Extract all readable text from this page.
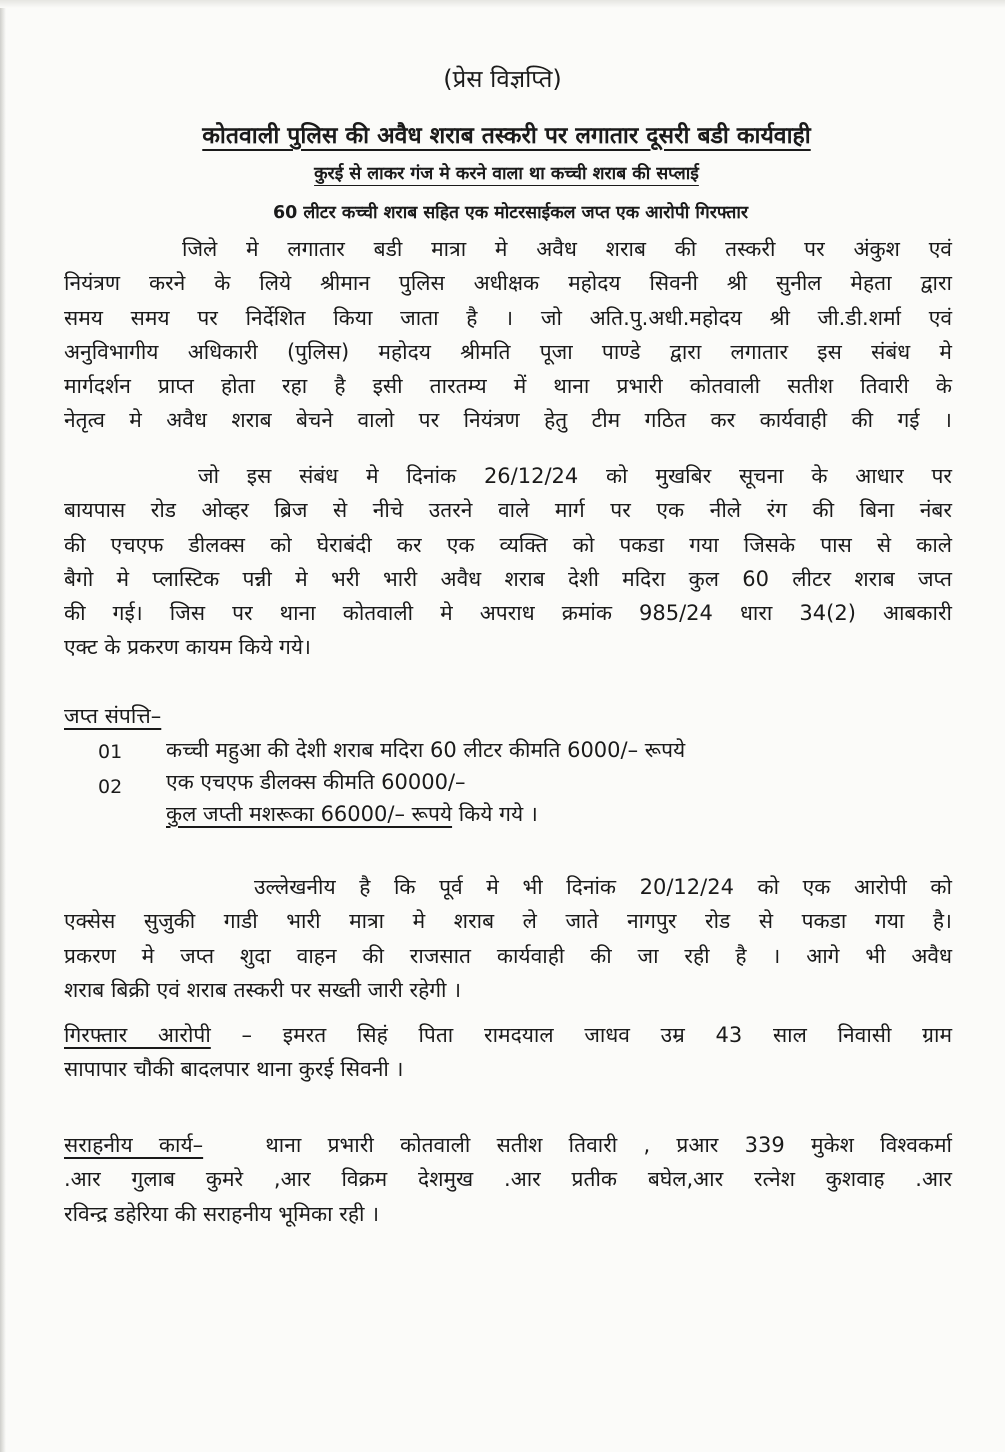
(प्रेस विज्ञप्ति)
कोतवाली पुलिस की अवैध शराब तस्करी पर लगातार दूसरी बडी कार्यवाही
कुरई से लाकर गंज मे करने वाला था कच्ची शराब की सप्लाई
60 लीटर कच्ची शराब सहित एक मोटरसाईकल जप्त एक आरोपी गिरफ्तार
जिले मे लगातार बडी मात्रा मे अवैध शराब की तस्करी पर अंकुश एवं
नियंत्रण करने के लिये श्रीमान पुलिस अधीक्षक महोदय सिवनी श्री सुनील मेहता द्वारा
समय समय पर निर्देशित किया जाता है । जो अति.पु.अधी.महोदय श्री जी.डी.शर्मा एवं
अनुविभागीय अधिकारी (पुलिस) महोदय श्रीमति पूजा पाण्डे द्वारा लगातार इस संबंध मे
मार्गदर्शन प्राप्त होता रहा है इसी तारतम्य में थाना प्रभारी कोतवाली सतीश तिवारी के
नेतृत्व मे अवैध शराब बेचने वालो पर नियंत्रण हेतु टीम गठित कर कार्यवाही की गई ।
जो इस संबंध मे दिनांक 26/12/24 को मुखबिर सूचना के आधार पर
बायपास रोड ओव्हर ब्रिज से नीचे उतरने वाले मार्ग पर एक नीले रंग की बिना नंबर
की एचएफ डीलक्स को घेराबंदी कर एक व्यक्ति को पकडा गया जिसके पास से काले
बैगो मे प्लास्टिक पन्नी मे भरी भारी अवैध शराब देशी मदिरा कुल 60 लीटर शराब जप्त
की गई। जिस पर थाना कोतवाली मे अपराध क्रमांक 985/24 धारा 34(2) आबकारी
एक्ट के प्रकरण कायम किये गये।
जप्त संपत्ति–
01 कच्ची महुआ की देशी शराब मदिरा 60 लीटर कीमति 6000/– रूपये
02 एक एचएफ डीलक्स कीमति 60000/–
कुल जप्ती मशरूका 66000/– रूपये किये गये ।
उल्लेखनीय है कि पूर्व मे भी दिनांक 20/12/24 को एक आरोपी को
एक्सेस सुजुकी गाडी भारी मात्रा मे शराब ले जाते नागपुर रोड से पकडा गया है।
प्रकरण मे जप्त शुदा वाहन की राजसात कार्यवाही की जा रही है । आगे भी अवैध
शराब बिक्री एवं शराब तस्करी पर सख्ती जारी रहेगी ।
गिरफ्तार आरोपी – इमरत सिहं पिता रामदयाल जाधव उम्र 43 साल निवासी ग्राम
सापापार चौकी बादलपार थाना कुरई सिवनी ।
सराहनीय कार्य–	थाना प्रभारी कोतवाली सतीश तिवारी , प्रआर 339 मुकेश विश्वकर्मा
.आर गुलाब कुमरे ,आर विक्रम देशमुख .आर प्रतीक बघेल,आर रत्नेश कुशवाह .आर
रविन्द्र डहेरिया की सराहनीय भूमिका रही ।
